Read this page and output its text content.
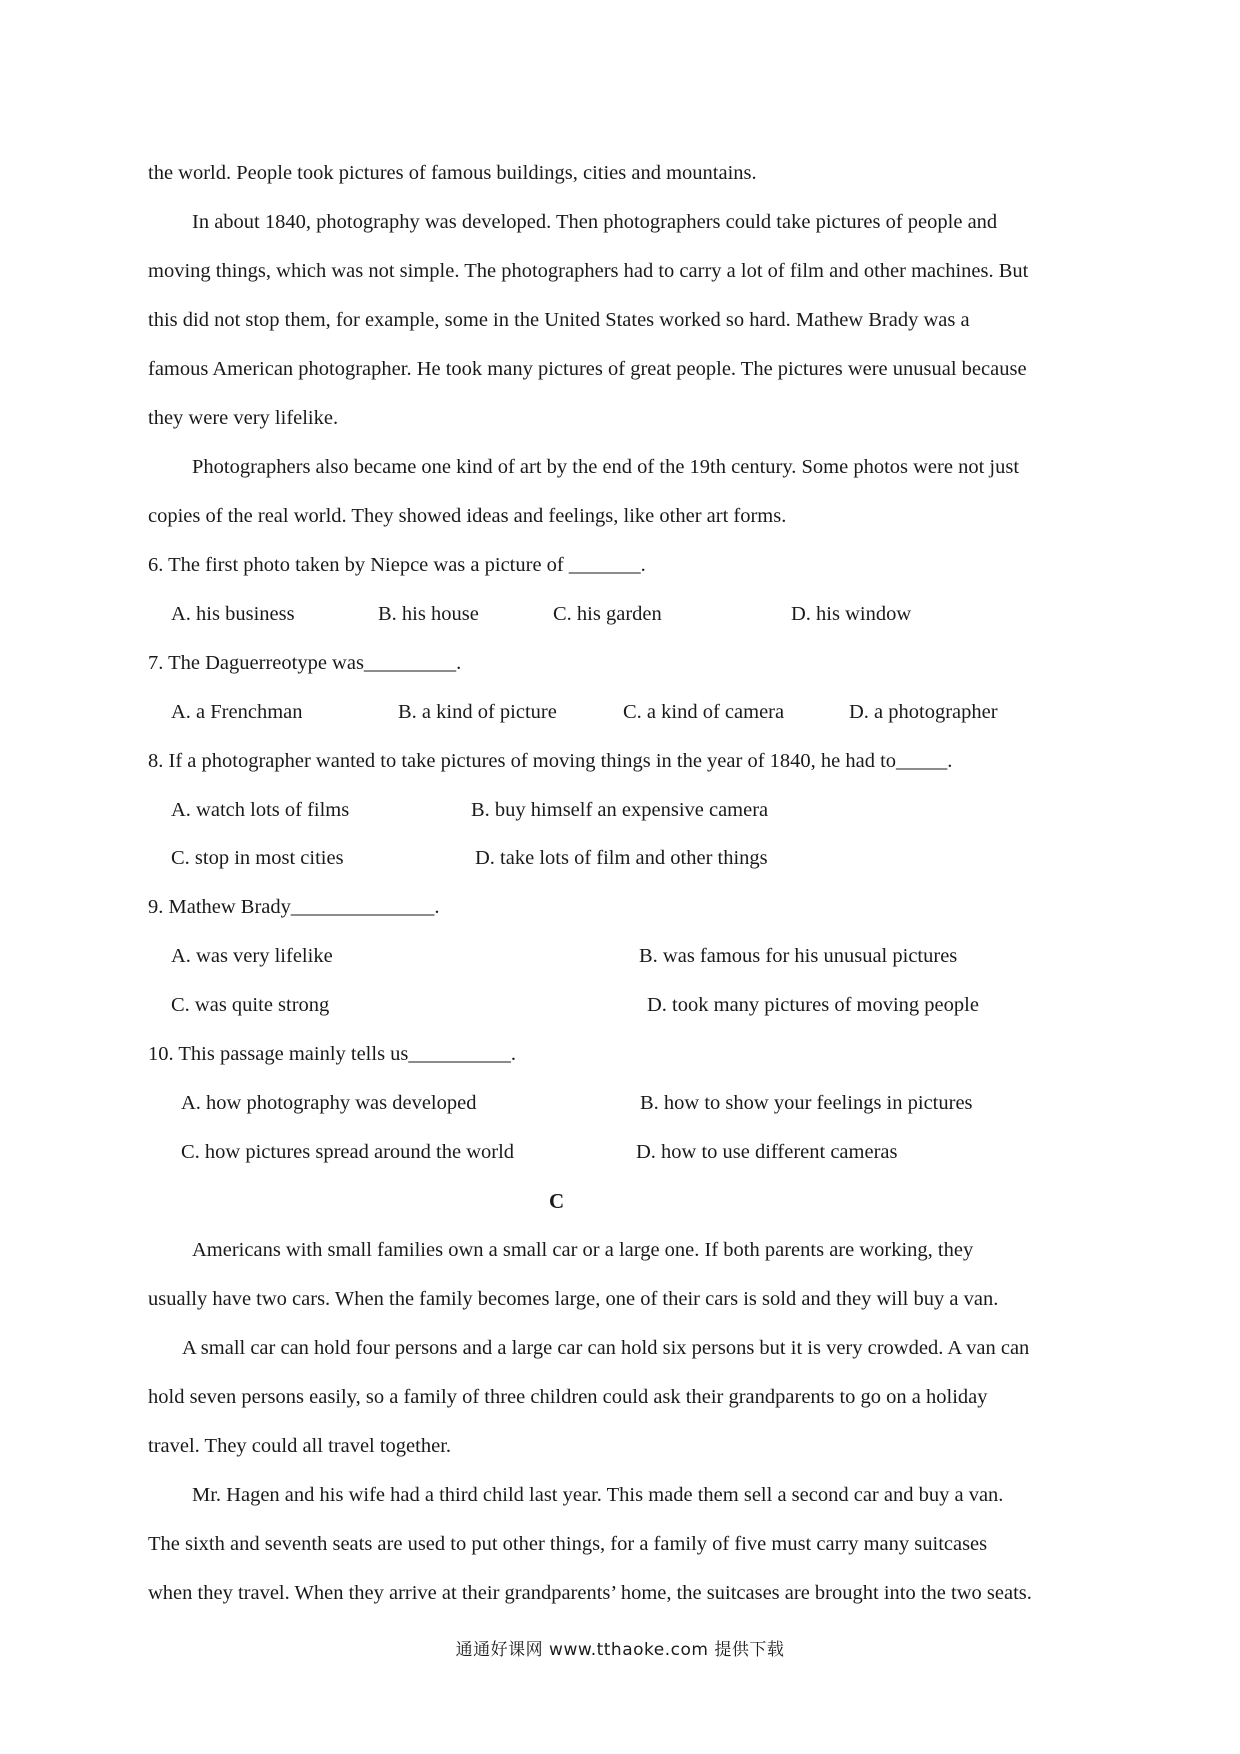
the world. People took pictures of famous buildings, cities and mountains.
In about 1840, photography was developed. Then photographers could take pictures of people and
moving things, which was not simple. The photographers had to carry a lot of film and other machines. But
this did not stop them, for example, some in the United States worked so hard. Mathew Brady was a
famous American photographer. He took many pictures of great people. The pictures were unusual because
they were very lifelike.
Photographers also became one kind of art by the end of the 19th century. Some photos were not just
copies of the real world. They showed ideas and feelings, like other art forms.
6. The first photo taken by Niepce was a picture of _______.
A. his business	B. his house	C. his garden	D. his window
7. The Daguerreotype was_________.
A. a Frenchman	B. a kind of picture	C. a kind of camera	D. a photographer
8. If a photographer wanted to take pictures of moving things in the year of 1840, he had to_____.
A. watch lots of films	B. buy himself an expensive camera
C. stop in most cities	D. take lots of film and other things
9. Mathew Brady______________.
A. was very lifelike	B. was famous for his unusual pictures
C. was quite strong	D. took many pictures of moving people
10. This passage mainly tells us__________.
A. how photography was developed	B. how to show your feelings in pictures
C. how pictures spread around the world	D. how to use different cameras
C
Americans with small families own a small car or a large one. If both parents are working, they
usually have two cars. When the family becomes large, one of their cars is sold and they will buy a van.
A small car can hold four persons and a large car can hold six persons but it is very crowded. A van can
hold seven persons easily, so a family of three children could ask their grandparents to go on a holiday
travel. They could all travel together.
Mr. Hagen and his wife had a third child last year. This made them sell a second car and buy a van.
The sixth and seventh seats are used to put other things, for a family of five must carry many suitcases
when they travel. When they arrive at their grandparents’ home, the suitcases are brought into the two seats.
通通好课网 www.tthaoke.com 提供下载
